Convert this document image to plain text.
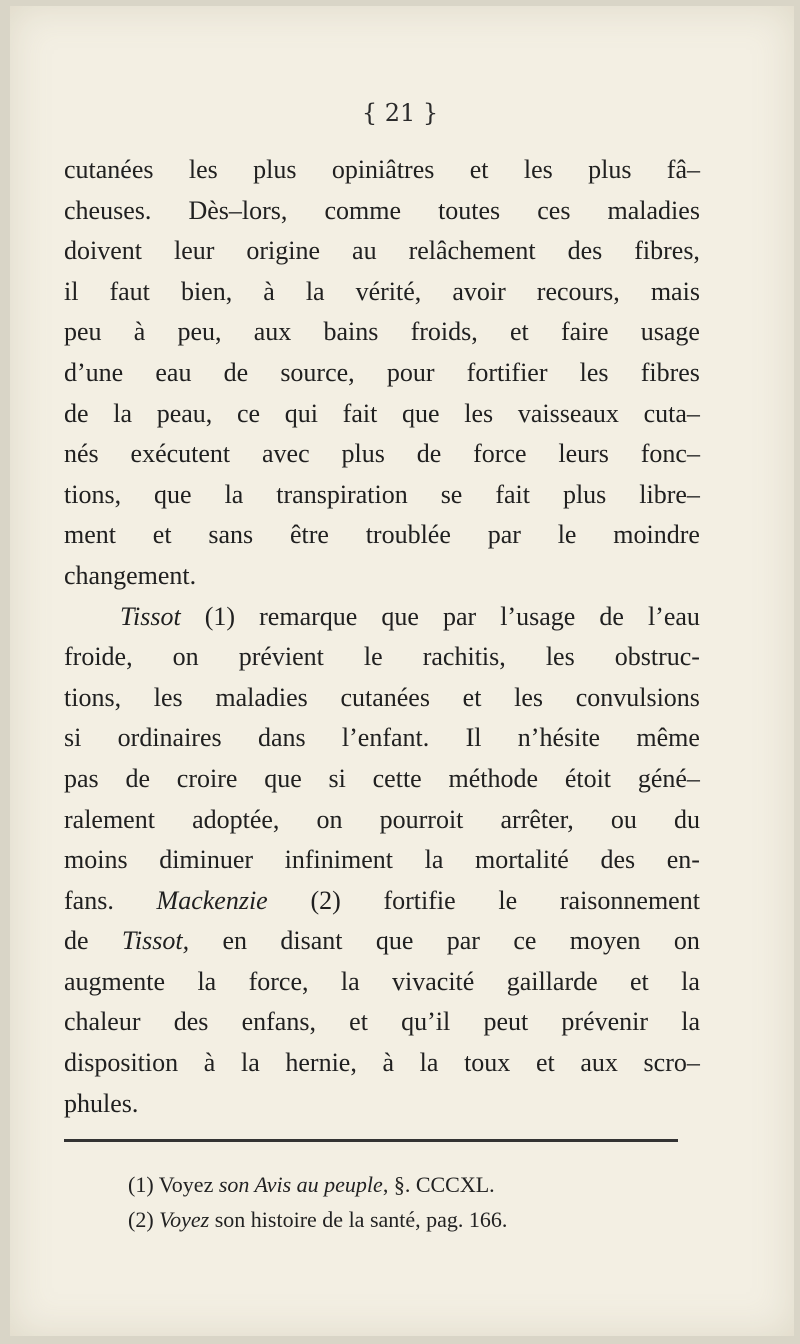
{ 21 }
cutanées les plus opiniâtres et les plus fâ–
cheuses. Dès–lors, comme toutes ces maladies
doivent leur origine au relâchement des fibres,
il faut bien, à la vérité, avoir recours, mais
peu à peu, aux bains froids, et faire usage
d’une eau de source, pour fortifier les fibres
de la peau, ce qui fait que les vaisseaux cuta–
nés exécutent avec plus de force leurs fonc–
tions, que la transpiration se fait plus libre–
ment et sans être troublée par le moindre
changement.
Tissot (1) remarque que par l’usage de l’eau
froide, on prévient le rachitis, les obstruc-
tions, les maladies cutanées et les convulsions
si ordinaires dans l’enfant. Il n’hésite même
pas de croire que si cette méthode étoit géné–
ralement adoptée, on pourroit arrêter, ou du
moins diminuer infiniment la mortalité des en-
fans. Mackenzie (2) fortifie le raisonnement
de Tissot, en disant que par ce moyen on
augmente la force, la vivacité gaillarde et la
chaleur des enfans, et qu’il peut prévenir la
disposition à la hernie, à la toux et aux scro–
phules.
(1) Voyez son Avis au peuple, §. CCCXL.
(2) Voyez son histoire de la santé, pag. 166.
